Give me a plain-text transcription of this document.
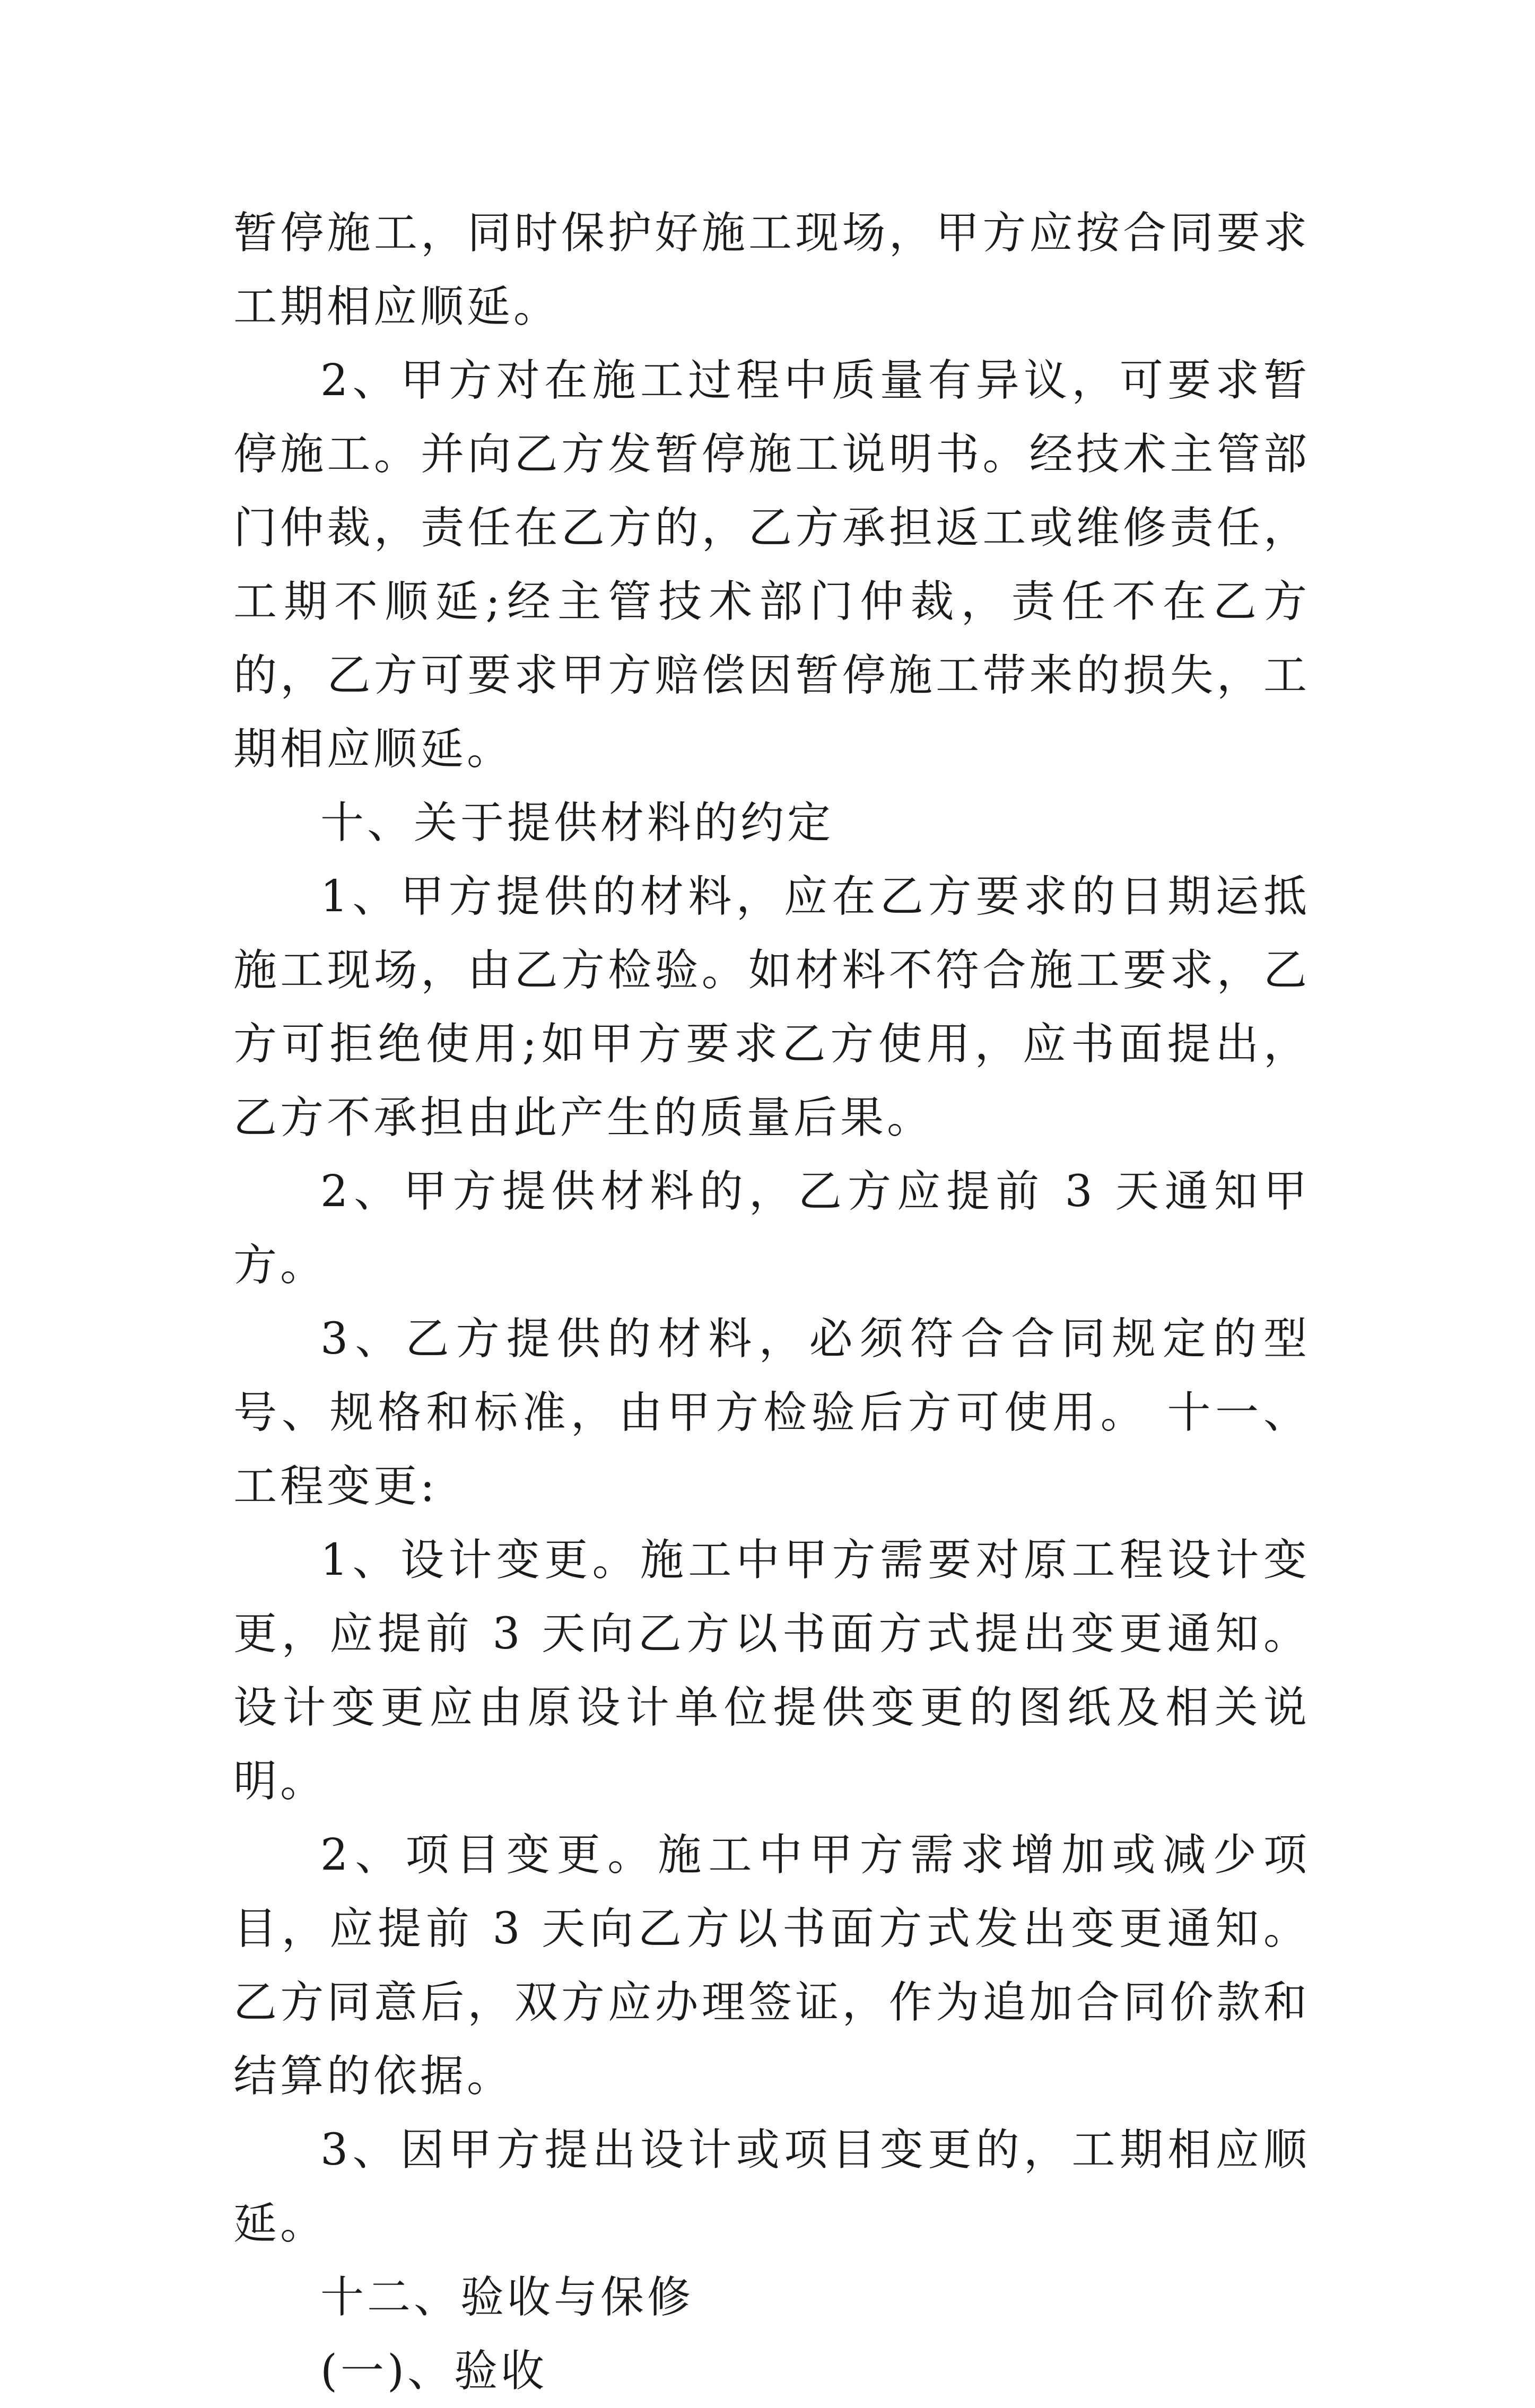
暂停施工，同时保护好施工现场，甲方应按合同要求工期相应顺延。

2、甲方对在施工过程中质量有异议，可要求暂停施工。并向乙方发暂停施工说明书。经技术主管部门仲裁，责任在乙方的，乙方承担返工或维修责任，工期不顺延;经主管技术部门仲裁，责任不在乙方的，乙方可要求甲方赔偿因暂停施工带来的损失，工期相应顺延。

十、关于提供材料的约定

1、甲方提供的材料，应在乙方要求的日期运抵施工现场，由乙方检验。如材料不符合施工要求，乙方可拒绝使用;如甲方要求乙方使用，应书面提出，乙方不承担由此产生的质量后果。

2、甲方提供材料的，乙方应提前 3 天通知甲方。

3、乙方提供的材料，必须符合合同规定的型号、规格和标准，由甲方检验后方可使用。 十一、工程变更:

1、设计变更。施工中甲方需要对原工程设计变更，应提前 3 天向乙方以书面方式提出变更通知。设计变更应由原设计单位提供变更的图纸及相关说明。

2、项目变更。施工中甲方需求增加或减少项目，应提前 3 天向乙方以书面方式发出变更通知。乙方同意后，双方应办理签证，作为追加合同价款和结算的依据。

3、因甲方提出设计或项目变更的，工期相应顺延。

十二、验收与保修

(一)、验收
